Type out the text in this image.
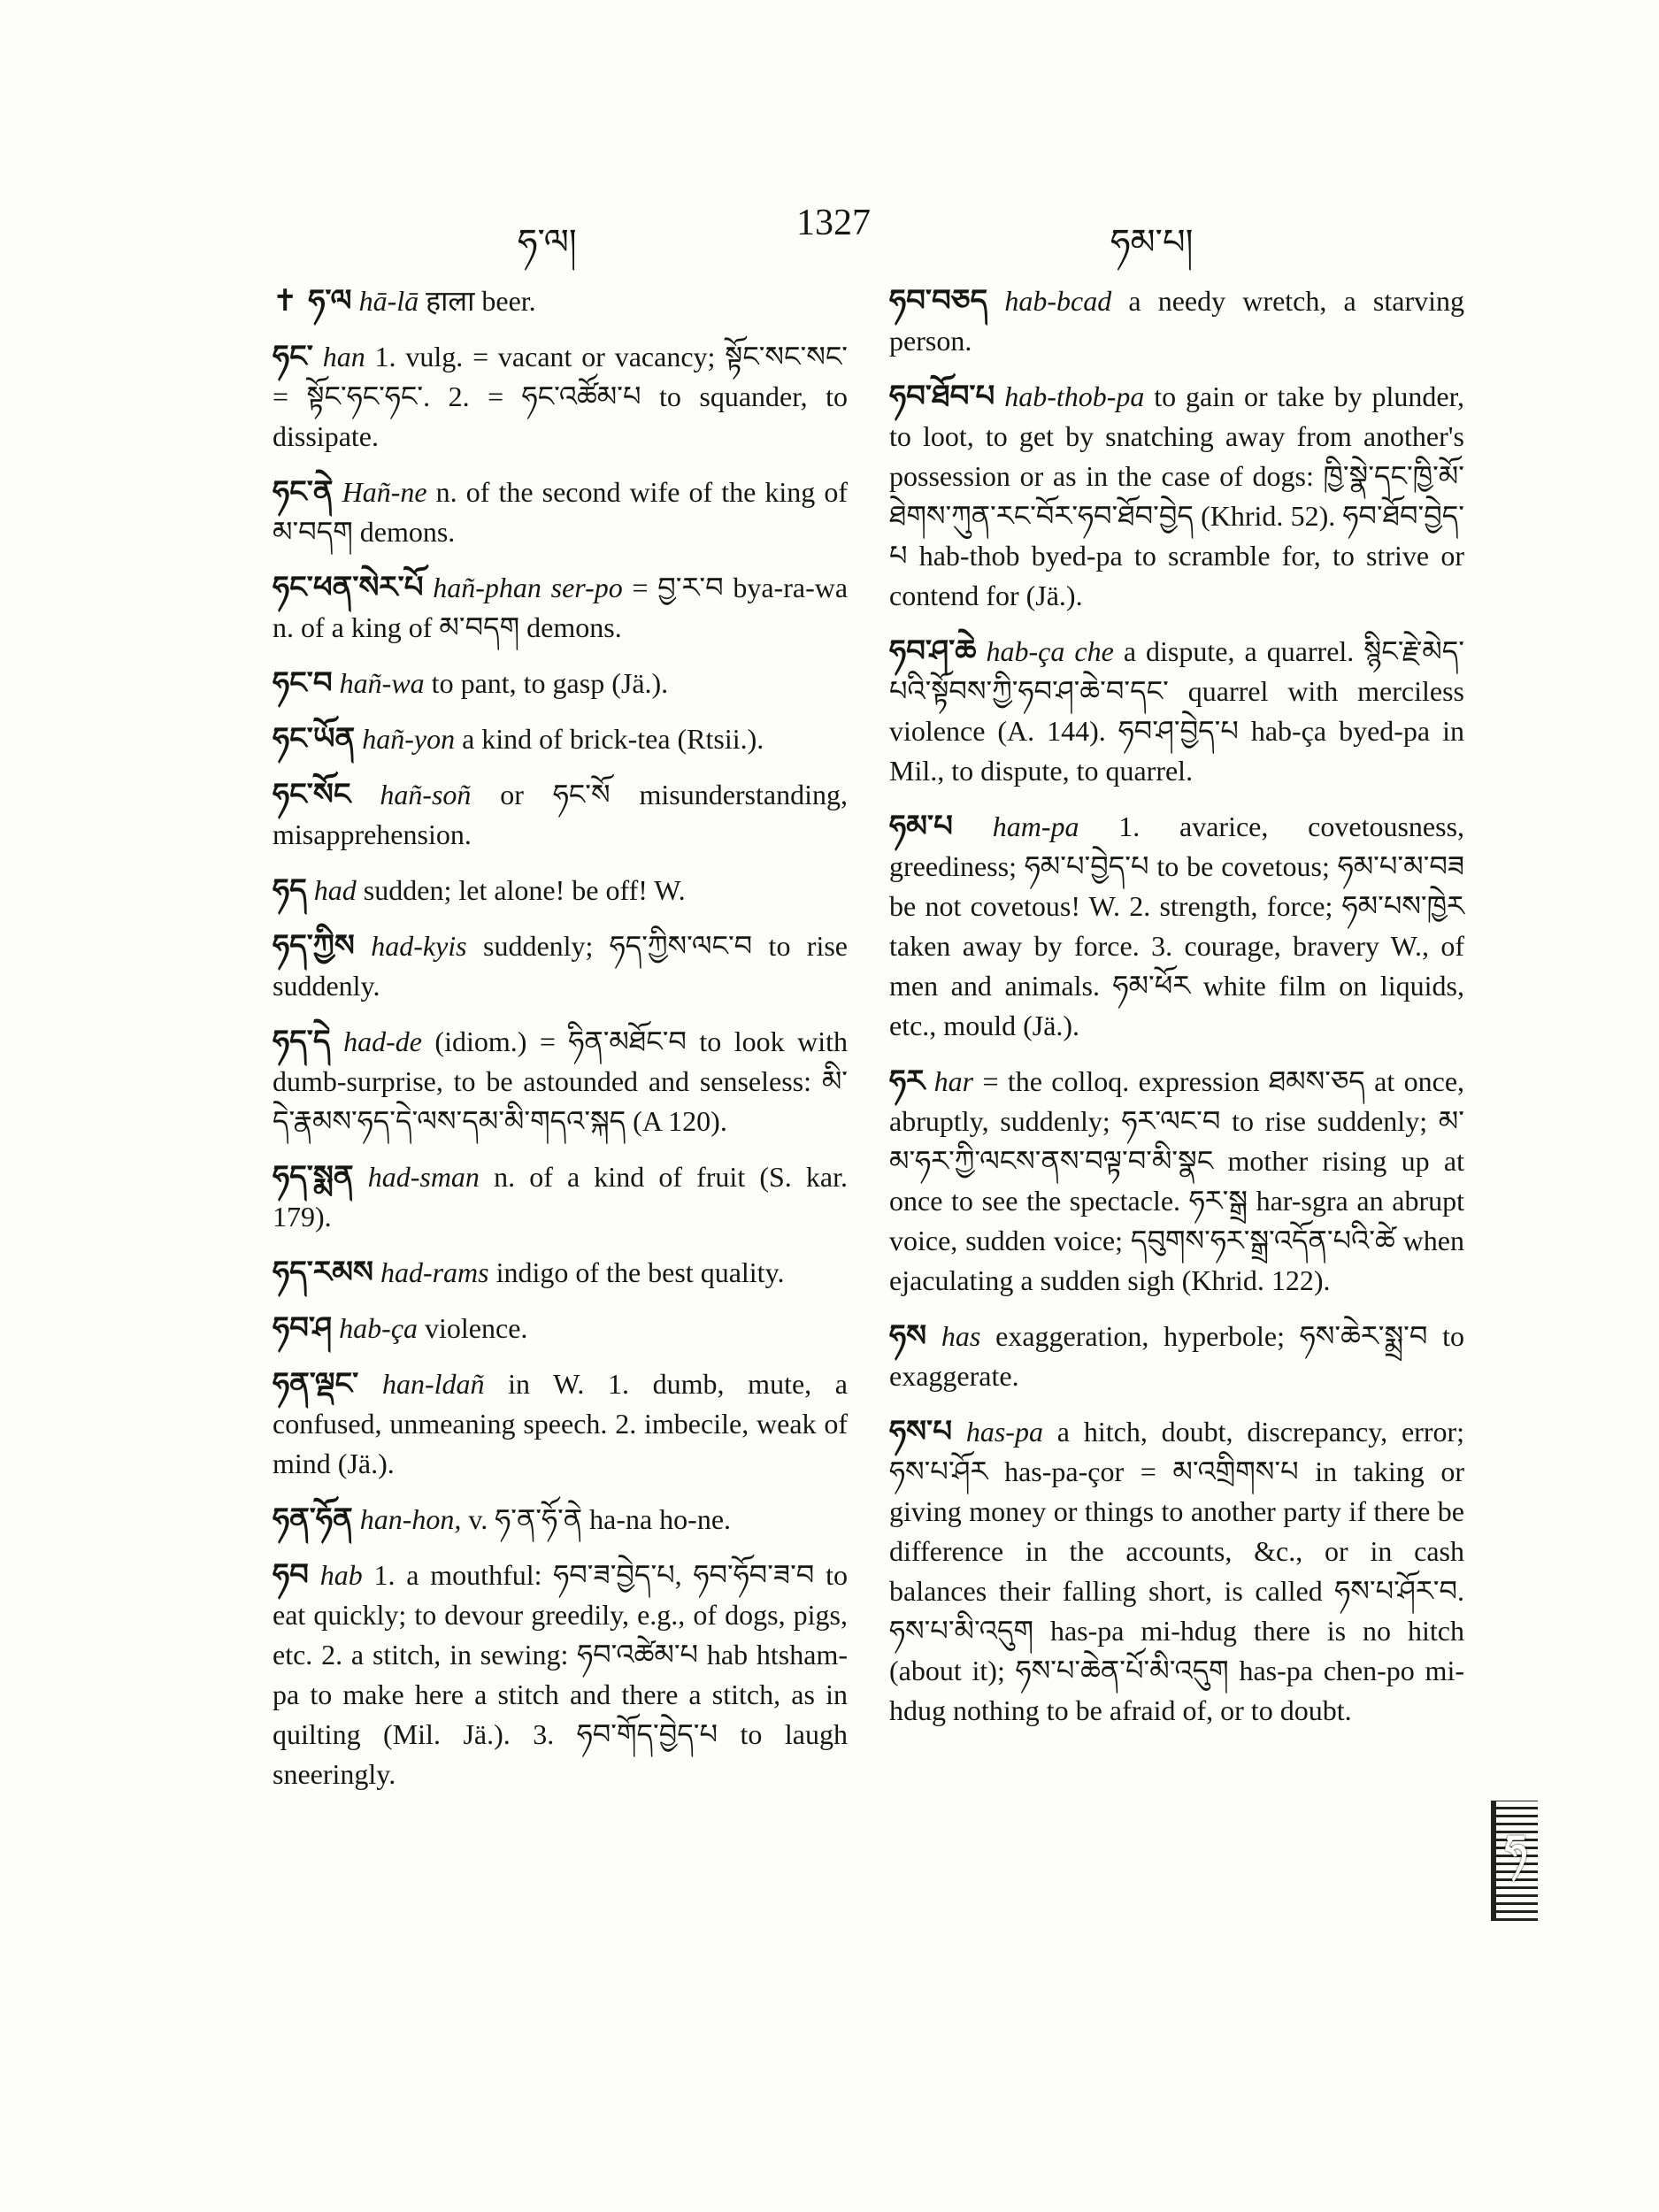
ཧ་ལ།	1327	ཧམ་པ།

✝ ཧ་ལ hā-lā हाला beer.

ཧང་ han 1. vulg. = vacant or vacancy; སྟོང་སང་སང་ = སྟོང་ཧང་ཧང་. 2. = ཧང་འཚོམ་པ to squander, to dissipate.

ཧང་ནེ Hañ-ne n. of the second wife of the king of མ་བདག demons.

ཧང་ཕན་སེར་པོ hañ-phan ser-po = བྱ་ར་བ bya-ra-wa n. of a king of མ་བདག demons.

ཧང་བ hañ-wa to pant, to gasp (Jä.).

ཧང་ཡོན hañ-yon a kind of brick-tea (Rtsii.).

ཧང་སོང hañ-soñ or ཧང་སོ misunderstanding, misapprehension.

ཧད had sudden; let alone! be off! W.

ཧད་ཀྱིས had-kyis suddenly; ཧད་ཀྱིས་ལང་བ to rise suddenly.

ཧད་དེ had-de (idiom.) = ཧིན་མཐོང་བ to look with dumb-surprise, to be astounded and senseless: མི་དེ་རྣམས་ཧད་དེ་ལས་དམ་མི་གདའ་སྐད (A 120).

ཧད་སྨན had-sman n. of a kind of fruit (S. kar. 179).

ཧད་རམས had-rams indigo of the best quality.

ཧབ་ཤ hab-ça violence.

ཧན་ལྡང་ han-ldañ in W. 1. dumb, mute, a confused, unmeaning speech. 2. imbecile, weak of mind (Jä.).

ཧན་ཧོན han-hon, v. ཧ་ན་ཧོ་ནེ ha-na ho-ne.

ཧབ hab 1. a mouthful: ཧབ་ཟ་བྱེད་པ, ཧབ་ཧོབ་ཟ་བ to eat quickly; to devour greedily, e.g., of dogs, pigs, etc. 2. a stitch, in sewing: ཧབ་འཚེམ་པ hab htsham-pa to make here a stitch and there a stitch, as in quilting (Mil. Jä.). 3. ཧབ་གོད་བྱེད་པ to laugh sneeringly.

ཧབ་བཅད hab-bcad a needy wretch, a starving person.

ཧབ་ཐོབ་པ hab-thob-pa to gain or take by plunder, to loot, to get by snatching away from another's possession or as in the case of dogs: ཁྱི་སྣེ་དང་ཁྱི་མོ་ཐེགས་ཀུན་རང་བོར་ཧབ་ཐོབ་བྱེད (Khrid. 52). ཧབ་ཐོབ་བྱེད་པ hab-thob byed-pa to scramble for, to strive or contend for (Jä.).

ཧབ་ཤ་ཆེ hab-ça che a dispute, a quarrel. སྙིང་རྗེ་མེད་པའི་སྟོབས་ཀྱི་ཧབ་ཤ་ཆེ་བ་དང་ quarrel with merciless violence (A. 144). ཧབ་ཤ་བྱེད་པ hab-ça byed-pa in Mil., to dispute, to quarrel.

ཧམ་པ ham-pa 1. avarice, covetousness, greediness; ཧམ་པ་བྱེད་པ to be covetous; ཧམ་པ་མ་བཟ be not covetous! W. 2. strength, force; ཧམ་པས་ཁྱེར taken away by force. 3. courage, bravery W., of men and animals. ཧམ་ཕོར white film on liquids, etc., mould (Jä.).

ཧར har = the colloq. expression ཐམས་ཅད at once, abruptly, suddenly; ཧར་ལང་བ to rise suddenly; མ་མ་ཧར་ཀྱི་ལངས་ནས་བལྟ་བ་མི་སྣང mother rising up at once to see the spectacle. ཧར་སྒྲ har-sgra an abrupt voice, sudden voice; དབུགས་ཧར་སྒྲ་འདོན་པའི་ཚེ when ejaculating a sudden sigh (Khrid. 122).

ཧས has exaggeration, hyperbole; ཧས་ཆེར་སྨྲ་བ to exaggerate.

ཧས་པ has-pa a hitch, doubt, discrepancy, error; ཧས་པ་ཤོར has-pa-çor = མ་འགྲིགས་པ in taking or giving money or things to another party if there be difference in the accounts, &c., or in cash balances their falling short, is called ཧས་པ་ཤོར་བ. ཧས་པ་མི་འདུག has-pa mi-hdug there is no hitch (about it); ཧས་པ་ཆེན་པོ་མི་འདུག has-pa chen-po mi-hdug nothing to be afraid of, or to doubt.

ཧ
